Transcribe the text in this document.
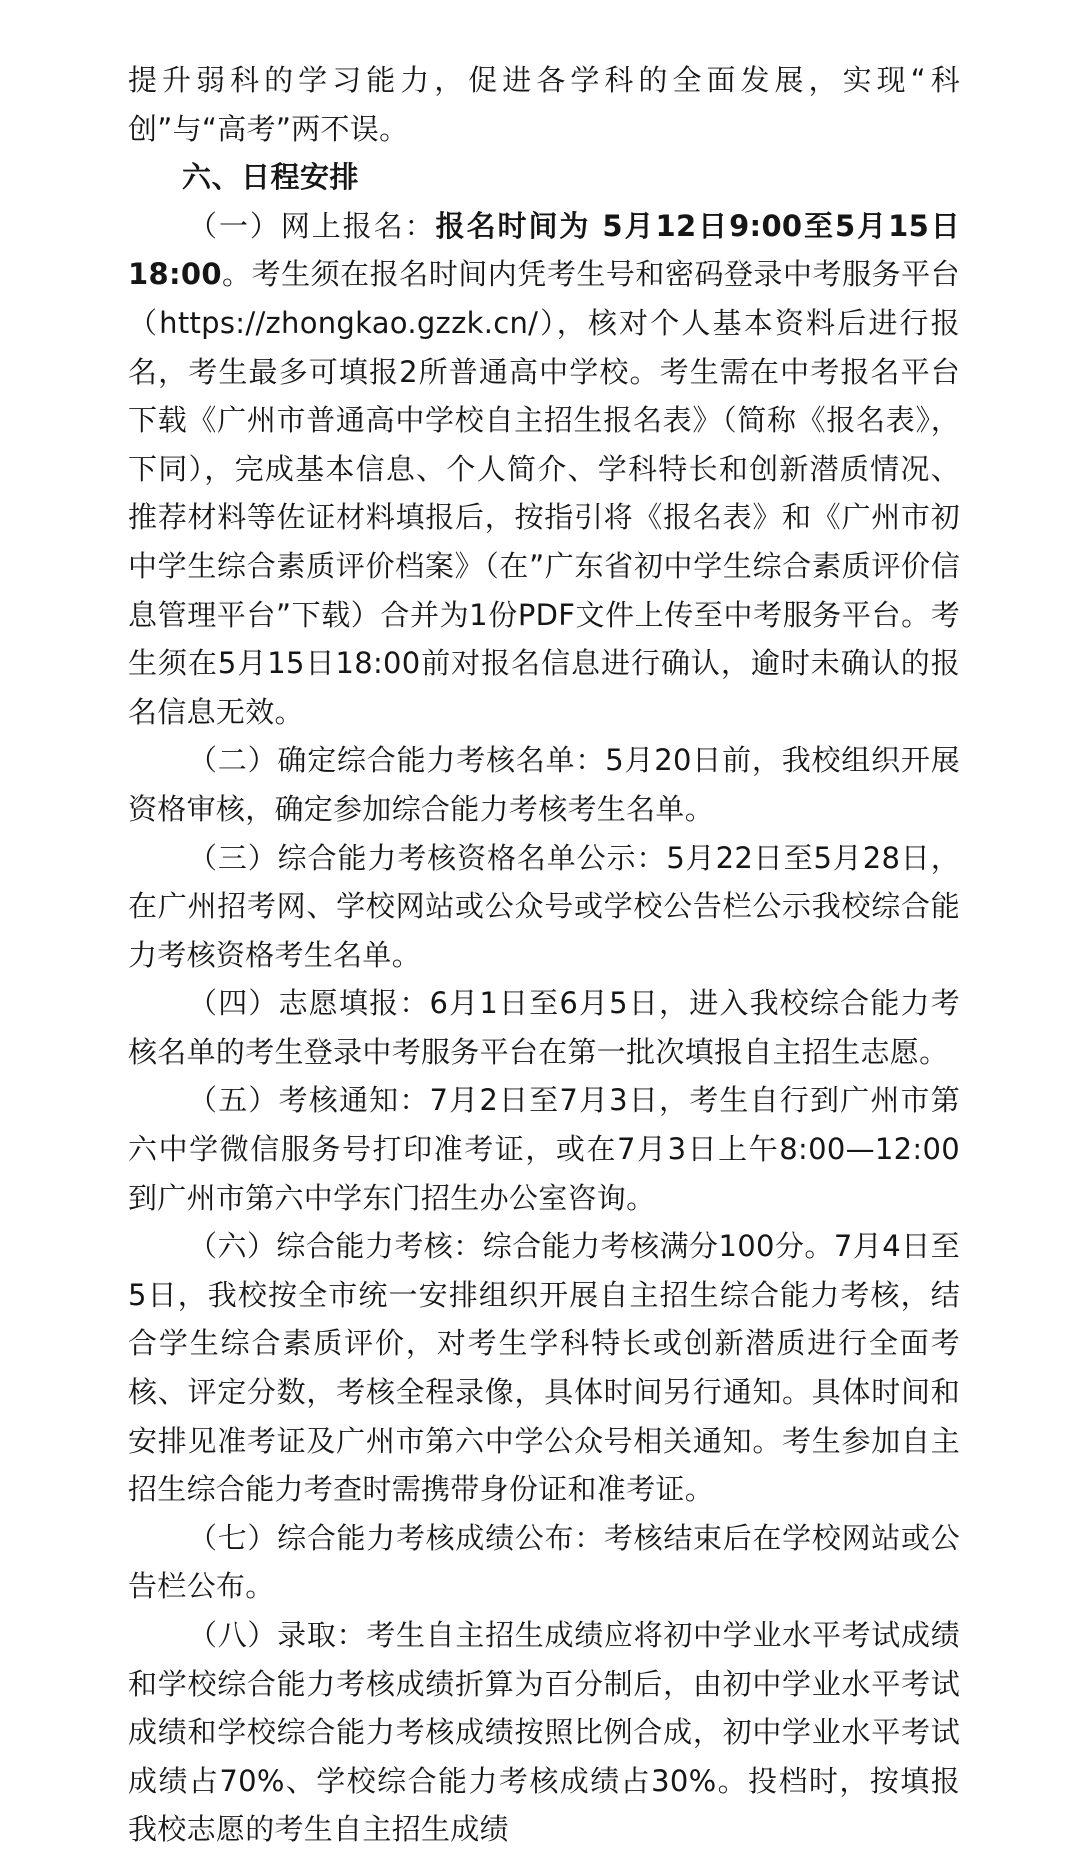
提升弱科的学习能力，促进各学科的全面发展，实现“科创”与“高考”两不误。

六、日程安排

（一）网上报名：报名时间为 5月12日9:00至5月15日18:00。考生须在报名时间内凭考生号和密码登录中考服务平台（https://zhongkao.gzzk.cn/），核对个人基本资料后进行报名，考生最多可填报2所普通高中学校。考生需在中考报名平台下载《广州市普通高中学校自主招生报名表》（简称《报名表》，下同），完成基本信息、个人简介、学科特长和创新潜质情况、推荐材料等佐证材料填报后，按指引将《报名表》和《广州市初中学生综合素质评价档案》（在”广东省初中学生综合素质评价信息管理平台”下载）合并为1份PDF文件上传至中考服务平台。考生须在5月15日18:00前对报名信息进行确认，逾时未确认的报名信息无效。

（二）确定综合能力考核名单：5月20日前，我校组织开展资格审核，确定参加综合能力考核考生名单。

（三）综合能力考核资格名单公示：5月22日至5月28日，在广州招考网、学校网站或公众号或学校公告栏公示我校综合能力考核资格考生名单。

（四）志愿填报：6月1日至6月5日，进入我校综合能力考核名单的考生登录中考服务平台在第一批次填报自主招生志愿。

（五）考核通知：7月2日至7月3日，考生自行到广州市第六中学微信服务号打印准考证，或在7月3日上午8:00—12:00到广州市第六中学东门招生办公室咨询。

（六）综合能力考核：综合能力考核满分100分。7月4日至5日，我校按全市统一安排组织开展自主招生综合能力考核，结合学生综合素质评价，对考生学科特长或创新潜质进行全面考核、评定分数，考核全程录像，具体时间另行通知。具体时间和安排见准考证及广州市第六中学公众号相关通知。考生参加自主招生综合能力考查时需携带身份证和准考证。

（七）综合能力考核成绩公布：考核结束后在学校网站或公告栏公布。

（八）录取：考生自主招生成绩应将初中学业水平考试成绩和学校综合能力考核成绩折算为百分制后，由初中学业水平考试成绩和学校综合能力考核成绩按照比例合成，初中学业水平考试成绩占70%、学校综合能力考核成绩占30%。投档时，按填报我校志愿的考生自主招生成绩
